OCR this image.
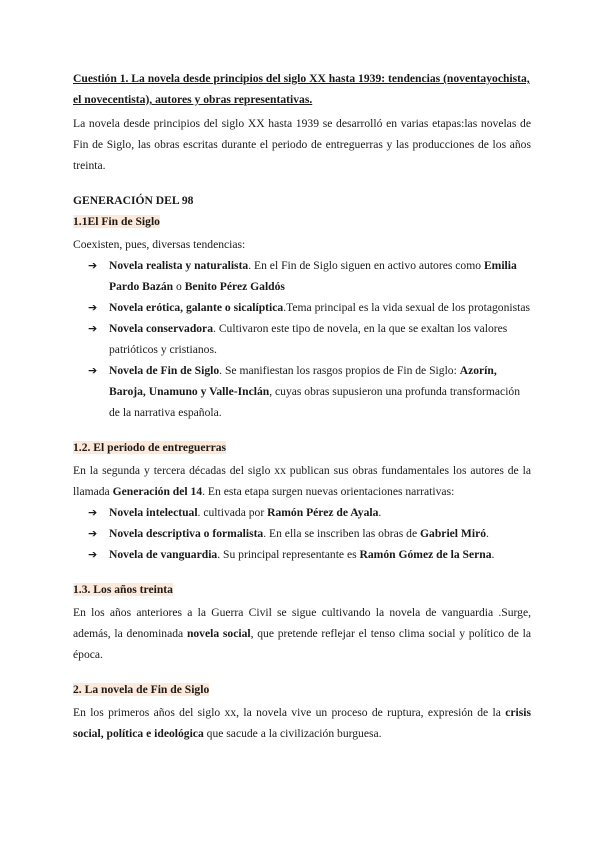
Cuestión 1. La novela desde principios del siglo XX hasta 1939: tendencias (noventayochista, el novecentista), autores y obras representativas.

La novela desde principios del siglo XX hasta 1939 se desarrolló en varias etapas:las novelas de Fin de Siglo, las obras escritas durante el periodo de entreguerras y las producciones de los años treinta.

GENERACIÓN DEL 98

1.1El Fin de Siglo

Coexisten, pues, diversas tendencias:

➔ Novela realista y naturalista. En el Fin de Siglo siguen en activo autores como Emilia Pardo Bazán o Benito Pérez Galdós
➔ Novela erótica, galante o sicalíptica.Tema principal es la vida sexual de los protagonistas
➔ Novela conservadora. Cultivaron este tipo de novela, en la que se exaltan los valores patrióticos y cristianos.
➔ Novela de Fin de Siglo. Se manifiestan los rasgos propios de Fin de Siglo: Azorín, Baroja, Unamuno y Valle-Inclán, cuyas obras supusieron una profunda transformación de la narrativa española.
1.2. El periodo de entreguerras

En la segunda y tercera décadas del siglo xx publican sus obras fundamentales los autores de la llamada Generación del 14. En esta etapa surgen nuevas orientaciones narrativas:

➔ Novela intelectual. cultivada por Ramón Pérez de Ayala.
➔ Novela descriptiva o formalista. En ella se inscriben las obras de Gabriel Miró.
➔ Novela de vanguardia. Su principal representante es Ramón Gómez de la Serna.
1.3. Los años treinta

En los años anteriores a la Guerra Civil se sigue cultivando la novela de vanguardia .Surge, además, la denominada novela social, que pretende reflejar el tenso clima social y político de la época.

2. La novela de Fin de Siglo

En los primeros años del siglo xx, la novela vive un proceso de ruptura, expresión de la crisis social, política e ideológica que sacude a la civilización burguesa.
